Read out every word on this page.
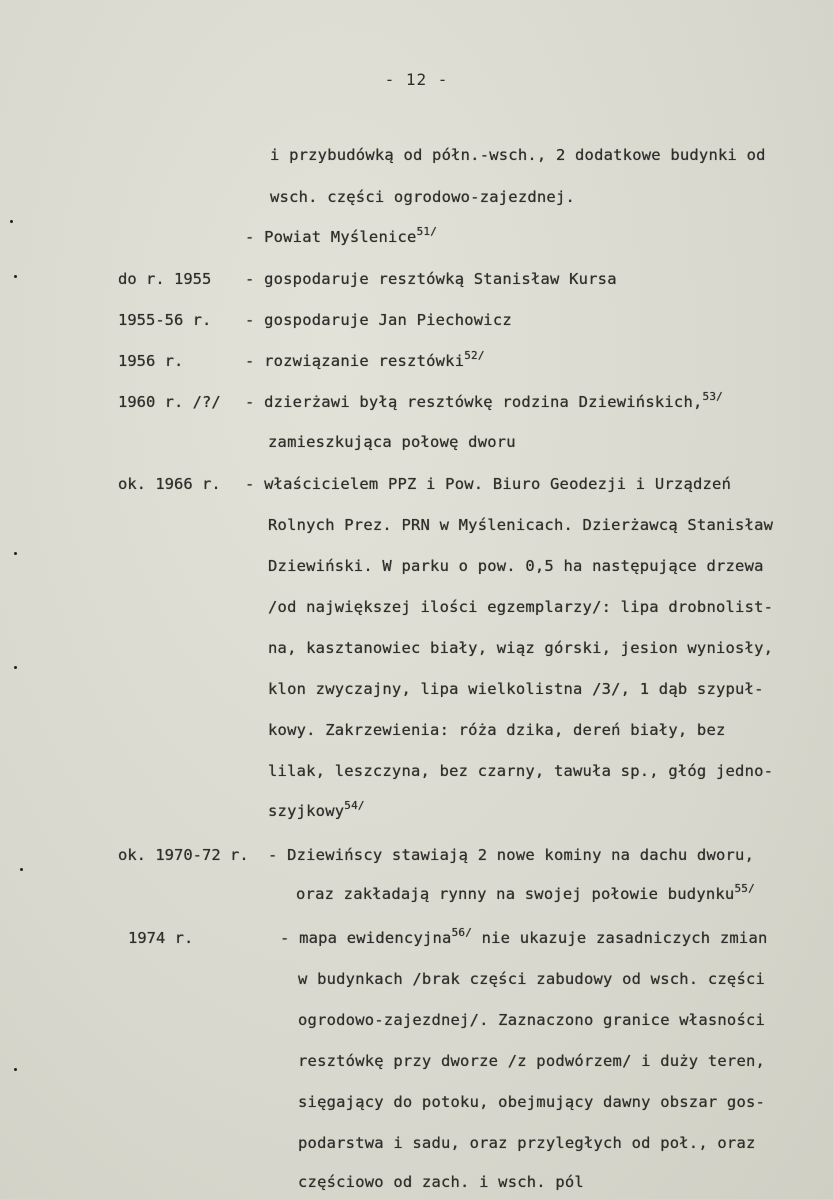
- 12 -
i przybudówką od półn.-wsch., 2 dodatkowe budynki od
wsch. części ogrodowo-zajezdnej.
- Powiat Myślenice$^{51/}$
do r. 1955 - gospodaruje resztówką Stanisław Kursa
1955-56 r. - gospodaruje Jan Piechowicz
1956 r.	- rozwiązanie resztówki$^{52/}$
1960 r. /?/ - dzierżawi byłą resztówkę rodzina Dziewińskich,$^{53/}$
zamieszkująca połowę dworu
ok. 1966 r. - właścicielem PPZ i Pow. Biuro Geodezji i Urządzeń
Rolnych Prez. PRN w Myślenicach. Dzierżawcą Stanisław
Dziewiński. W parku o pow. 0,5 ha następujące drzewa
/od największej ilości egzemplarzy/: lipa drobnolist-
na, kasztanowiec biały, wiąz górski, jesion wyniosły,
klon zwyczajny, lipa wielkolistna /3/, 1 dąb szypuł-
kowy. Zakrzewienia: róża dzika, dereń biały, bez
lilak, leszczyna, bez czarny, tawuła sp., głóg jedno-
szyjkowy$^{54/}$
ok. 1970-72 r. - Dziewińscy stawiają 2 nowe kominy na dachu dworu,
oraz zakładają rynny na swojej połowie budynku$^{55/}$
1974 r.	- mapa ewidencyjna$^{56/}$ nie ukazuje zasadniczych zmian
w budynkach /brak części zabudowy od wsch. części
ogrodowo-zajezdnej/. Zaznaczono granice własności
resztówkę przy dworze /z podwórzem/ i duży teren,
sięgający do potoku, obejmujący dawny obszar gos-
podarstwa i sadu, oraz przyległych od poł., oraz
częściowo od zach. i wsch. pól
